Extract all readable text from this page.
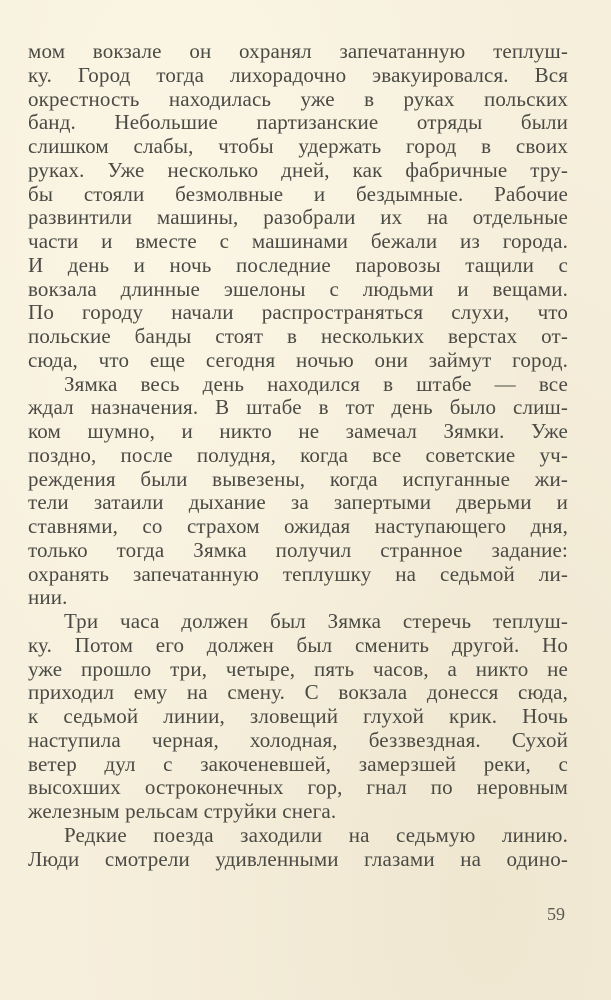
мом вокзале он охранял запечатанную теплуш-
ку. Город тогда лихорадочно эвакуировался. Вся
окрестность находилась уже в руках польских
банд. Небольшие партизанские отряды были
слишком слабы, чтобы удержать город в своих
руках. Уже несколько дней, как фабричные тру-
бы стояли безмолвные и бездымные. Рабочие
развинтили машины, разобрали их на отдельные
части и вместе с машинами бежали из города.
И день и ночь последние паровозы тащили с
вокзала длинные эшелоны с людьми и вещами.
По городу начали распространяться слухи, что
польские банды стоят в нескольких верстах от-
сюда, что еще сегодня ночью они займут город.
Зямка весь день находился в штабе — все
ждал назначения. В штабе в тот день было слиш-
ком шумно, и никто не замечал Зямки. Уже
поздно, после полудня, когда все советские уч-
реждения были вывезены, когда испуганные жи-
тели затаили дыхание за запертыми дверьми и
ставнями, со страхом ожидая наступающего дня,
только тогда Зямка получил странное задание:
охранять запечатанную теплушку на седьмой ли-
нии.
Три часа должен был Зямка стеречь теплуш-
ку. Потом его должен был сменить другой. Но
уже прошло три, четыре, пять часов, а никто не
приходил ему на смену. С вокзала донесся сюда,
к седьмой линии, зловещий глухой крик. Ночь
наступила черная, холодная, беззвездная. Сухой
ветер дул с закоченевшей, замерзшей реки, с
высохших остроконечных гор, гнал по неровным
железным рельсам струйки снега.
Редкие поезда заходили на седьмую линию.
Люди смотрели удивленными глазами на одино-
59
